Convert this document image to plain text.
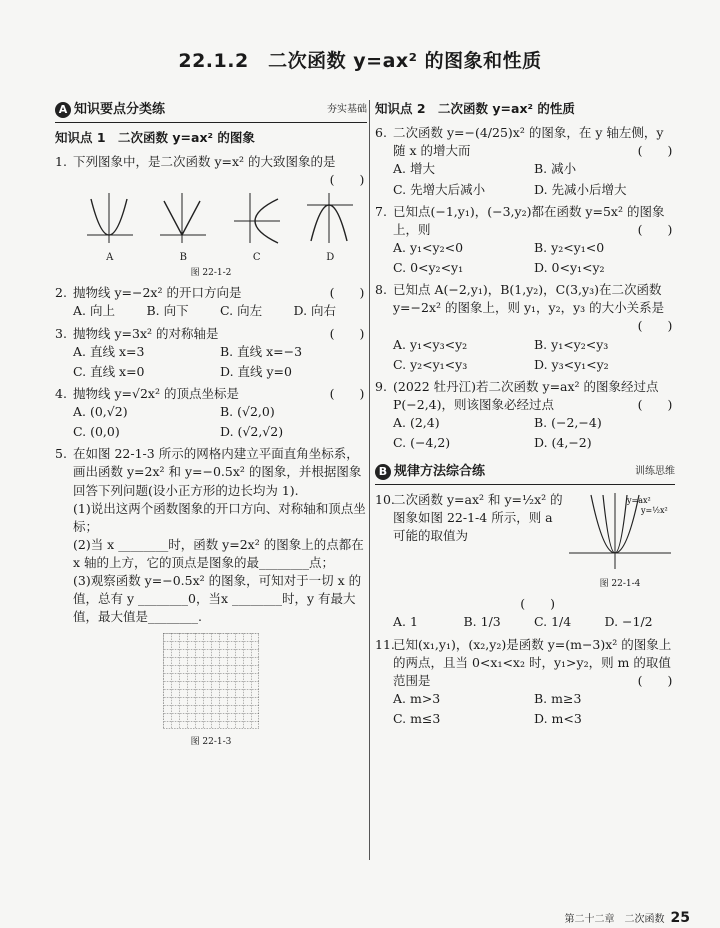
22.1.2　二次函数 y=ax² 的图象和性质
A 知识要点分类练	夯实基础
知识点 1　二次函数 y=ax² 的图象
1. 下列图象中，是二次函数 y=x² 的大致图象的是
(　　)
A	B	C	D
图 22-1-2
2. 抛物线 y=−2x² 的开口方向是	(　　)
A. 向上	B. 向下	C. 向左	D. 向右
3. 抛物线 y=3x² 的对称轴是	(　　)
A. 直线 x=3	B. 直线 x=−3
C. 直线 x=0	D. 直线 y=0
4. 抛物线 y=√2x² 的顶点坐标是	(　　)
A. (0,√2)	B. (√2,0)
C. (0,0)	D. (√2,√2)
5. 在如图 22-1-3 所示的网格内建立平面直角坐标系，画出函数 y=2x² 和 y=−0.5x² 的图象，并根据图象回答下列问题(设小正方形的边长均为 1).
(1)说出这两个函数图象的开口方向、对称轴和顶点坐标；
(2)当 x ________时，函数 y=2x² 的图象上的点都在 x 轴的上方，它的顶点是图象的最________点；
(3)观察函数 y=−0.5x² 的图象，可知对于一切 x 的值，总有 y ________0，当x ________时，y 有最大值，最大值是________.
图 22-1-3
知识点 2　二次函数 y=ax² 的性质
6. 二次函数 y=−(4/25)x² 的图象，在 y 轴左侧，y 随 x 的增大而	(　　)
A. 增大	B. 减小
C. 先增大后减小	D. 先减小后增大
7. 已知点(−1,y₁)，(−3,y₂)都在函数 y=5x² 的图象上，则	(　　)
A. y₁<y₂<0	B. y₂<y₁<0
C. 0<y₂<y₁	D. 0<y₁<y₂
8. 已知点 A(−2,y₁)，B(1,y₂)，C(3,y₃)在二次函数 y=−2x² 的图象上，则 y₁，y₂，y₃ 的大小关系是
(　　)
A. y₁<y₃<y₂	B. y₁<y₂<y₃
C. y₂<y₁<y₃	D. y₃<y₁<y₂
9. (2022 牡丹江)若二次函数 y=ax² 的图象经过点 P(−2,4)，则该图象必经过点	(　　)
A. (2,4)	B. (−2,−4)
C. (−4,2)	D. (4,−2)
B 规律方法综合练	训练思维
10.
二次函数 y=ax² 和 y=½x² 的图象如图 22-1-4 所示，则 a 可能的取值为
y=ax²
y=½x²
图 22-1-4
(　　)
A. 1	B. 1/3	C. 1/4	D. −1/2
11.
已知(x₁,y₁)，(x₂,y₂)是函数 y=(m−3)x² 的图象上的两点，且当 0<x₁<x₂ 时，y₁>y₂，则 m 的取值范围是	(　　)
A. m>3	B. m≥3
C. m≤3	D. m<3
第二十二章　二次函数 25
